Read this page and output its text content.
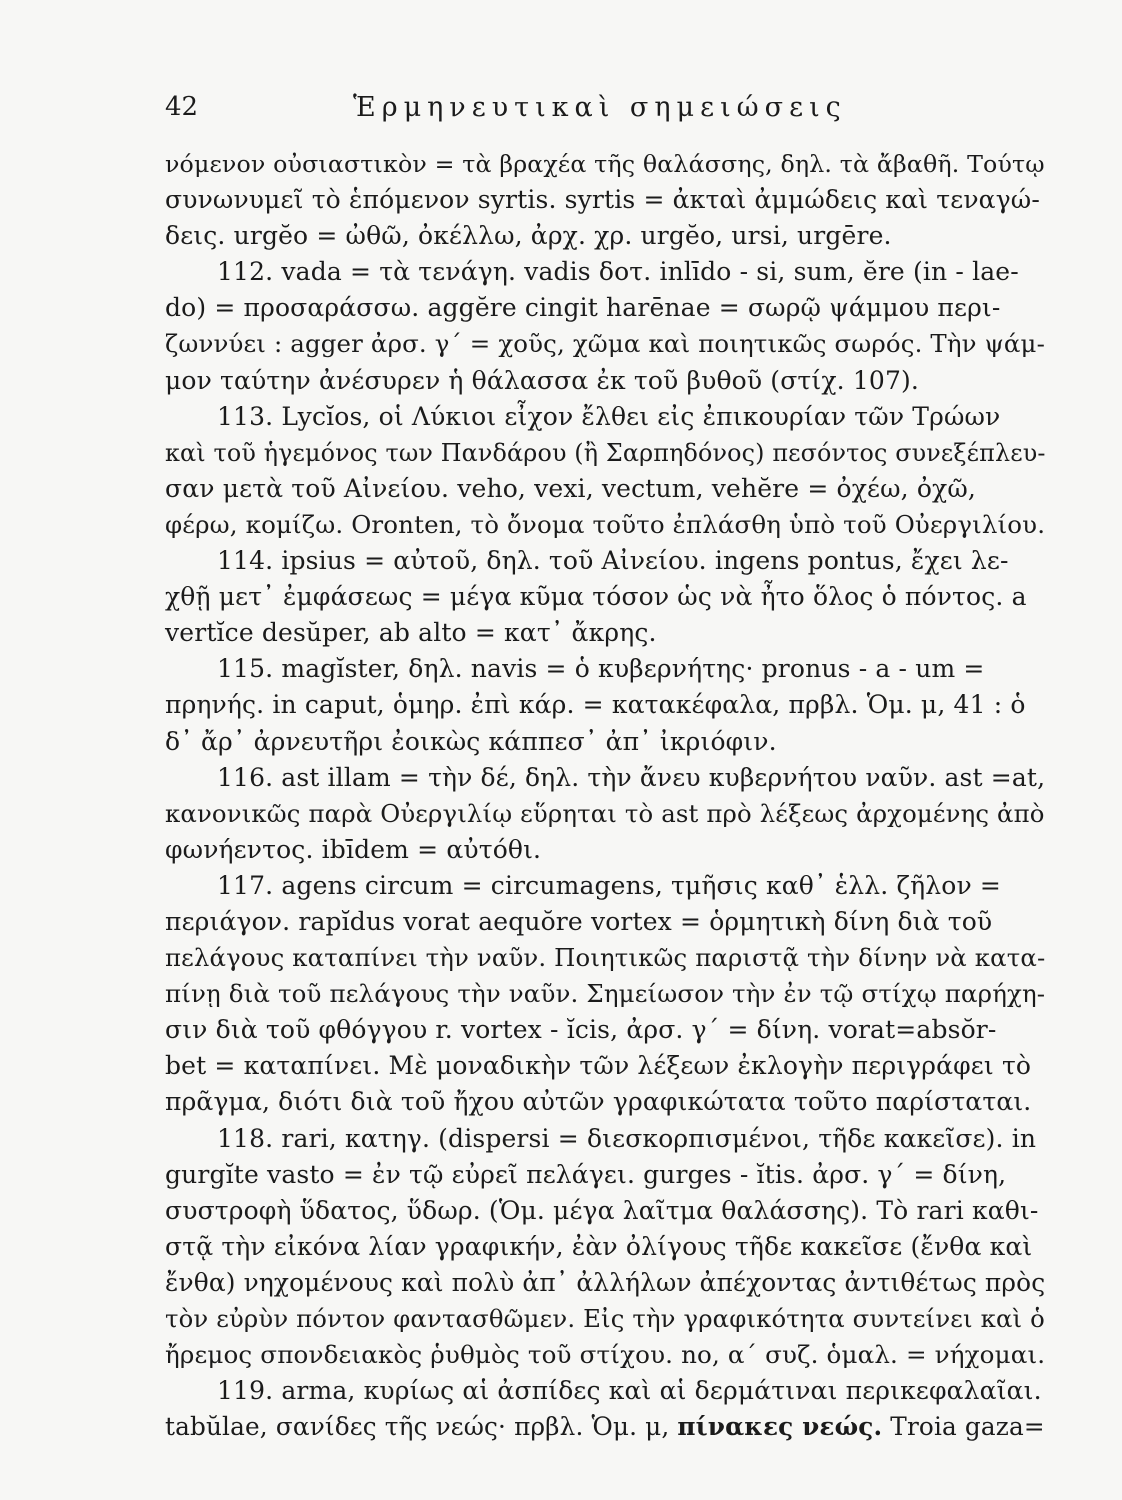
42	Ἑρμηνευτικαὶ σημειώσεις
νόμενον οὐσιαστικὸν = τὰ βραχέα τῆς θαλάσσης, δηλ. τὰ ἄβαθῆ. Τούτῳ
συνωνυμεῖ τὸ ἑπόμενον syrtis. syrtis = ἀκταὶ ἀμμώδεις καὶ τεναγώ-
δεις. urgĕo = ὠθῶ, ὀκέλλω, ἀρχ. χρ. urgĕo, ursi, urgēre.
112. vada = τὰ τενάγη. vadis δοτ. inlīdo - si, sum, ĕre (in - lae-
do) = προσαράσσω. aggĕre cingit harēnae = σωρῷ ψάμμου περι-
ζωννύει : agger ἀρσ. γ΄ = χοῦς, χῶμα καὶ ποιητικῶς σωρός. Τὴν ψάμ-
μον ταύτην ἀνέσυρεν ἡ θάλασσα ἐκ τοῦ βυθοῦ (στίχ. 107).
113. Lycĭos, οἱ Λύκιοι εἶχον ἔλθει εἰς ἐπικουρίαν τῶν Τρώων
καὶ τοῦ ἡγεμόνος των Πανδάρου (ἢ Σαρπηδόνος) πεσόντος συνεξέπλευ-
σαν μετὰ τοῦ Αἰνείου. veho, vexi, vectum, vehĕre = ὀχέω, ὀχῶ,
φέρω, κομίζω. Oronten, τὸ ὄνομα τοῦτο ἐπλάσθη ὑπὸ τοῦ Οὐεργιλίου.
114. ipsius = αὐτοῦ, δηλ. τοῦ Αἰνείου. ingens pontus, ἔχει λε-
χθῇ μετ᾽ ἐμφάσεως = μέγα κῦμα τόσον ὡς νὰ ἦτο ὅλος ὁ πόντος. a
vertĭce desŭper, ab alto = κατ᾽ ἄκρης.
115. magĭster, δηλ. navis = ὁ κυβερνήτης· pronus - a - um =
πρηνής. in caput, ὁμηρ. ἐπὶ κάρ. = κατακέφαλα, πρβλ. Ὁμ. μ, 41 : ὁ
δ᾽ ἄρ᾽ ἀρνευτῆρι ἐοικὼς κάππεσ᾽ ἀπ᾽ ἰκριόφιν.
116. ast illam = τὴν δέ, δηλ. τὴν ἄνευ κυβερνήτου ναῦν. ast =at,
κανονικῶς παρὰ Οὐεργιλίῳ εὕρηται τὸ ast πρὸ λέξεως ἀρχομένης ἀπὸ
φωνήεντος. ibīdem = αὐτόθι.
117. agens circum = circumagens, τμῆσις καθ᾽ ἑλλ. ζῆλον =
περιάγον. rapĭdus vorat aequŏre vortex = ὁρμητικὴ δίνη διὰ τοῦ
πελάγους καταπίνει τὴν ναῦν. Ποιητικῶς παριστᾷ τὴν δίνην νὰ κατα-
πίνῃ διὰ τοῦ πελάγους τὴν ναῦν. Σημείωσον τὴν ἐν τῷ στίχῳ παρήχη-
σιν διὰ τοῦ φθόγγου r. vortex - ĭcis, ἀρσ. γ΄ = δίνη. vorat=absŏr-
bet = καταπίνει. Μὲ μοναδικὴν τῶν λέξεων ἐκλογὴν περιγράφει τὸ
πρᾶγμα, διότι διὰ τοῦ ἤχου αὐτῶν γραφικώτατα τοῦτο παρίσταται.
118. rari, κατηγ. (dispersi = διεσκορπισμένοι, τῆδε κακεῖσε). in
gurgĭte vasto = ἐν τῷ εὐρεῖ πελάγει. gurges - ĭtis. ἀρσ. γ΄ = δίνη,
συστροφὴ ὕδατος, ὕδωρ. (Ὁμ. μέγα λαῖτμα θαλάσσης). Τὸ rari καθι-
στᾷ τὴν εἰκόνα λίαν γραφικήν, ἐὰν ὀλίγους τῆδε κακεῖσε (ἔνθα καὶ
ἔνθα) νηχομένους καὶ πολὺ ἀπ᾽ ἀλλήλων ἀπέχοντας ἀντιθέτως πρὸς
τὸν εὐρὺν πόντον φαντασθῶμεν. Εἰς τὴν γραφικότητα συντείνει καὶ ὁ
ἤρεμος σπονδειακὸς ῥυθμὸς τοῦ στίχου. no, α΄ συζ. ὁμαλ. = νήχομαι.
119. arma, κυρίως αἱ ἀσπίδες καὶ αἱ δερμάτιναι περικεφαλαῖαι.
tabŭlae, σανίδες τῆς νεώς· πρβλ. Ὁμ. μ, πίνακες νεώς. Troia gaza=
